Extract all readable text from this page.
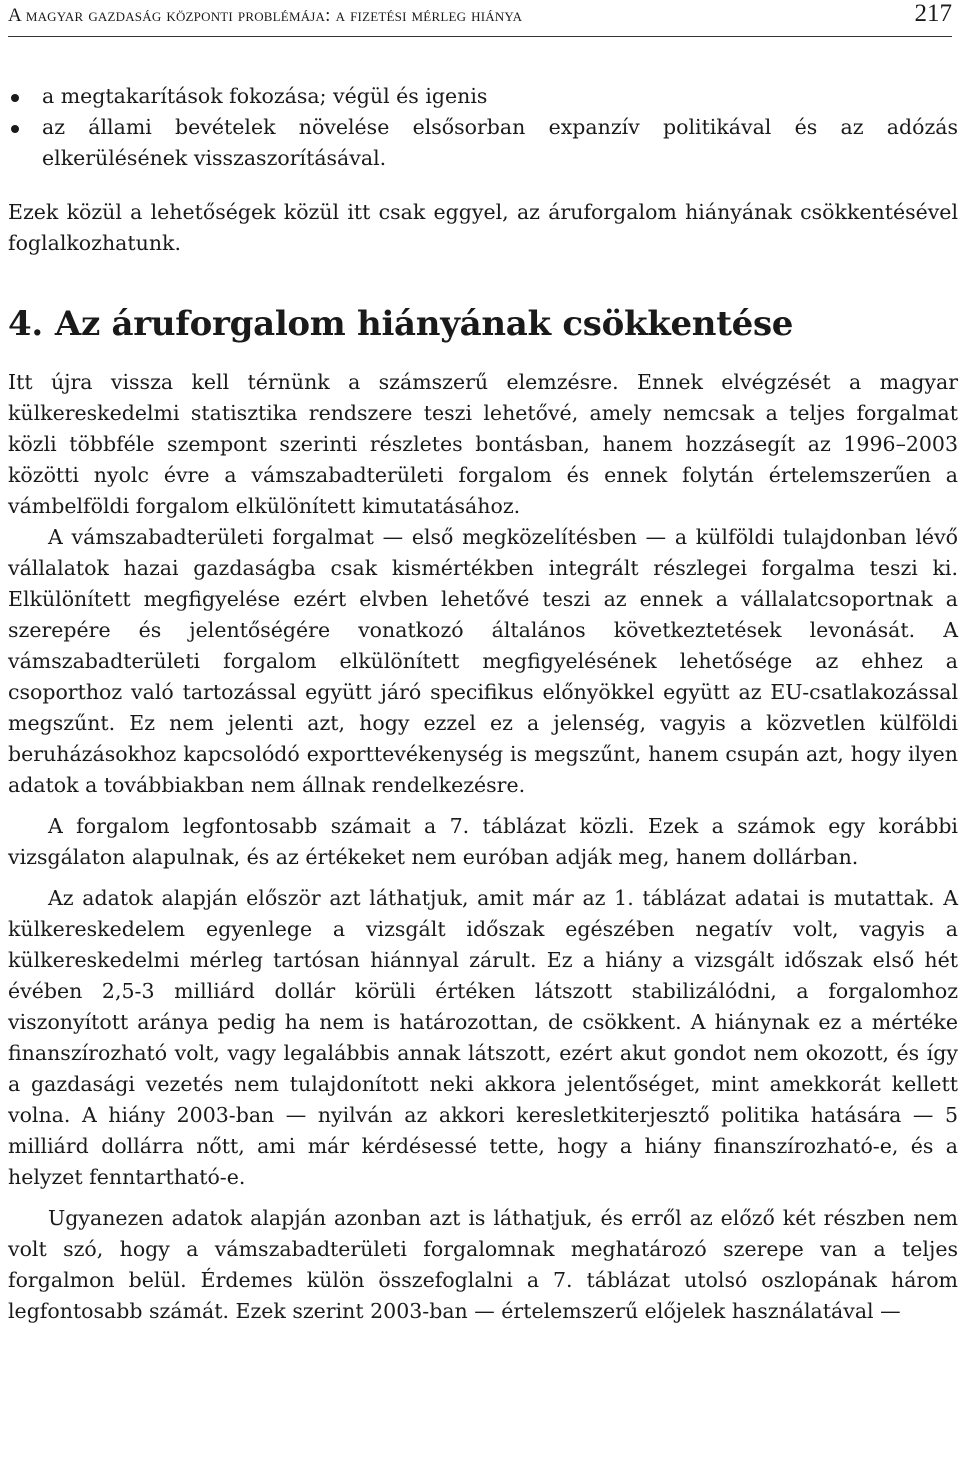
A magyar gazdaság központi problémája: a fizetési mérleg hiánya	217
a megtakarítások fokozása; végül és igenis
az állami bevételek növelése elsősorban expanzív politikával és az adózás elkerülésének visszaszorításával.

Ezek közül a lehetőségek közül itt csak eggyel, az áruforgalom hiányának csökkentésével foglalkozhatunk.

4. Az áruforgalom hiányának csökkentése

Itt újra vissza kell térnünk a számszerű elemzésre. Ennek elvégzését a magyar külkereskedelmi statisztika rendszere teszi lehetővé, amely nemcsak a teljes forgalmat közli többféle szempont szerinti részletes bontásban, hanem hozzásegít az 1996–2003 közötti nyolc évre a vámszabadterületi forgalom és ennek folytán értelemszerűen a vámbelföldi forgalom elkülönített kimutatásához.

A vámszabadterületi forgalmat — első megközelítésben — a külföldi tulajdonban lévő vállalatok hazai gazdaságba csak kismértékben integrált részlegei forgalma teszi ki. Elkülönített megfigyelése ezért elvben lehetővé teszi az ennek a vállalatcsoportnak a szerepére és jelentőségére vonatkozó általános következtetések levonását. A vámszabadterületi forgalom elkülönített megfigyelésének lehetősége az ehhez a csoporthoz való tartozással együtt járó specifikus előnyökkel együtt az EU-csatlakozással megszűnt. Ez nem jelenti azt, hogy ezzel ez a jelenség, vagyis a közvetlen külföldi beruházásokhoz kapcsolódó exporttevékenység is megszűnt, hanem csupán azt, hogy ilyen adatok a továbbiakban nem állnak rendelkezésre.

A forgalom legfontosabb számait a 7. táblázat közli. Ezek a számok egy korábbi vizsgálaton alapulnak, és az értékeket nem euróban adják meg, hanem dollárban.

Az adatok alapján először azt láthatjuk, amit már az 1. táblázat adatai is mutattak. A külkereskedelem egyenlege a vizsgált időszak egészében negatív volt, vagyis a külkereskedelmi mérleg tartósan hiánnyal zárult. Ez a hiány a vizsgált időszak első hét évében 2,5-3 milliárd dollár körüli értéken látszott stabilizálódni, a forgalomhoz viszonyított aránya pedig ha nem is határozottan, de csökkent. A hiánynak ez a mértéke finanszírozható volt, vagy legalábbis annak látszott, ezért akut gondot nem okozott, és így a gazdasági vezetés nem tulajdonított neki akkora jelentőséget, mint amekkorát kellett volna. A hiány 2003-ban — nyilván az akkori keresletkiterjesztő politika hatására — 5 milliárd dollárra nőtt, ami már kérdésessé tette, hogy a hiány finanszírozható-e, és a helyzet fenntartható-e.

Ugyanezen adatok alapján azonban azt is láthatjuk, és erről az előző két részben nem volt szó, hogy a vámszabadterületi forgalomnak meghatározó szerepe van a teljes forgalmon belül. Érdemes külön összefoglalni a 7. táblázat utolsó oszlopának három legfontosabb számát. Ezek szerint 2003-ban — értelemszerű előjelek használatával —
